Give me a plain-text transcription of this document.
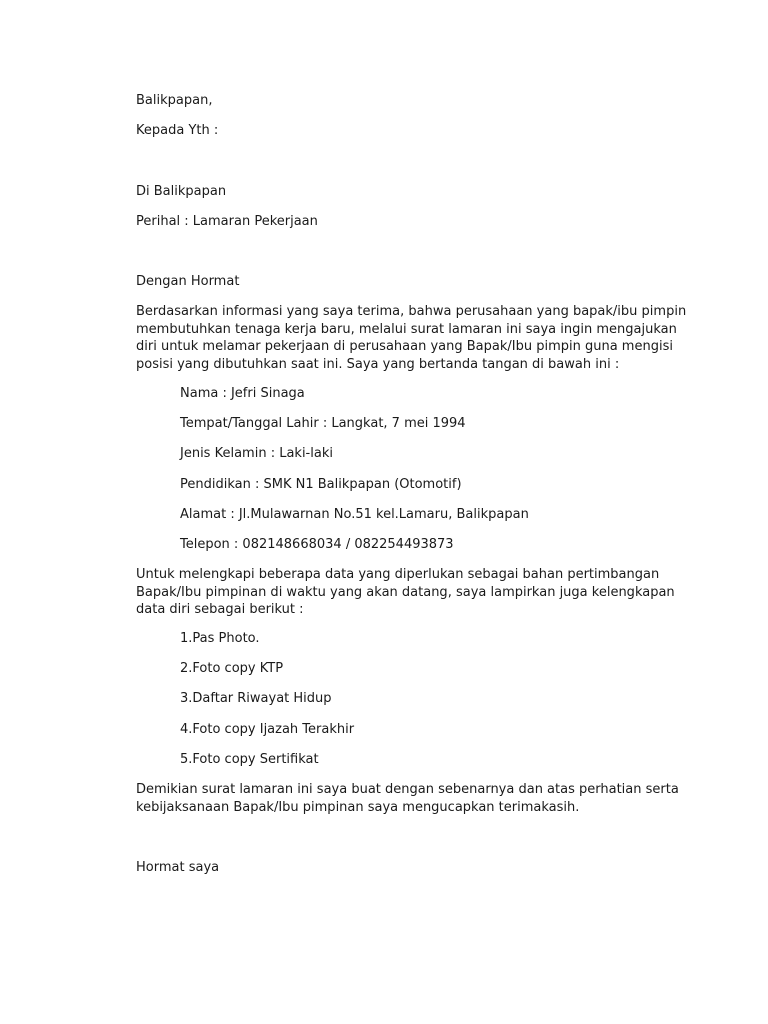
Balikpapan,
Kepada Yth :
Di Balikpapan
Perihal : Lamaran Pekerjaan
Dengan Hormat
Berdasarkan informasi yang saya terima, bahwa perusahaan yang bapak/ibu pimpin
membutuhkan tenaga kerja baru, melalui surat lamaran ini saya ingin mengajukan
diri untuk melamar pekerjaan di perusahaan yang Bapak/Ibu pimpin guna mengisi
posisi yang dibutuhkan saat ini. Saya yang bertanda tangan di bawah ini :
Nama : Jefri Sinaga
Tempat/Tanggal Lahir : Langkat, 7 mei 1994
Jenis Kelamin : Laki-laki
Pendidikan : SMK N1 Balikpapan (Otomotif)
Alamat : Jl.Mulawarnan No.51 kel.Lamaru, Balikpapan
Telepon : 082148668034 / 082254493873
Untuk melengkapi beberapa data yang diperlukan sebagai bahan pertimbangan
Bapak/Ibu pimpinan di waktu yang akan datang, saya lampirkan juga kelengkapan
data diri sebagai berikut :
1.Pas Photo.
2.Foto copy KTP
3.Daftar Riwayat Hidup
4.Foto copy Ijazah Terakhir
5.Foto copy Sertifikat
Demikian surat lamaran ini saya buat dengan sebenarnya dan atas perhatian serta
kebijaksanaan Bapak/Ibu pimpinan saya mengucapkan terimakasih.
Hormat saya
